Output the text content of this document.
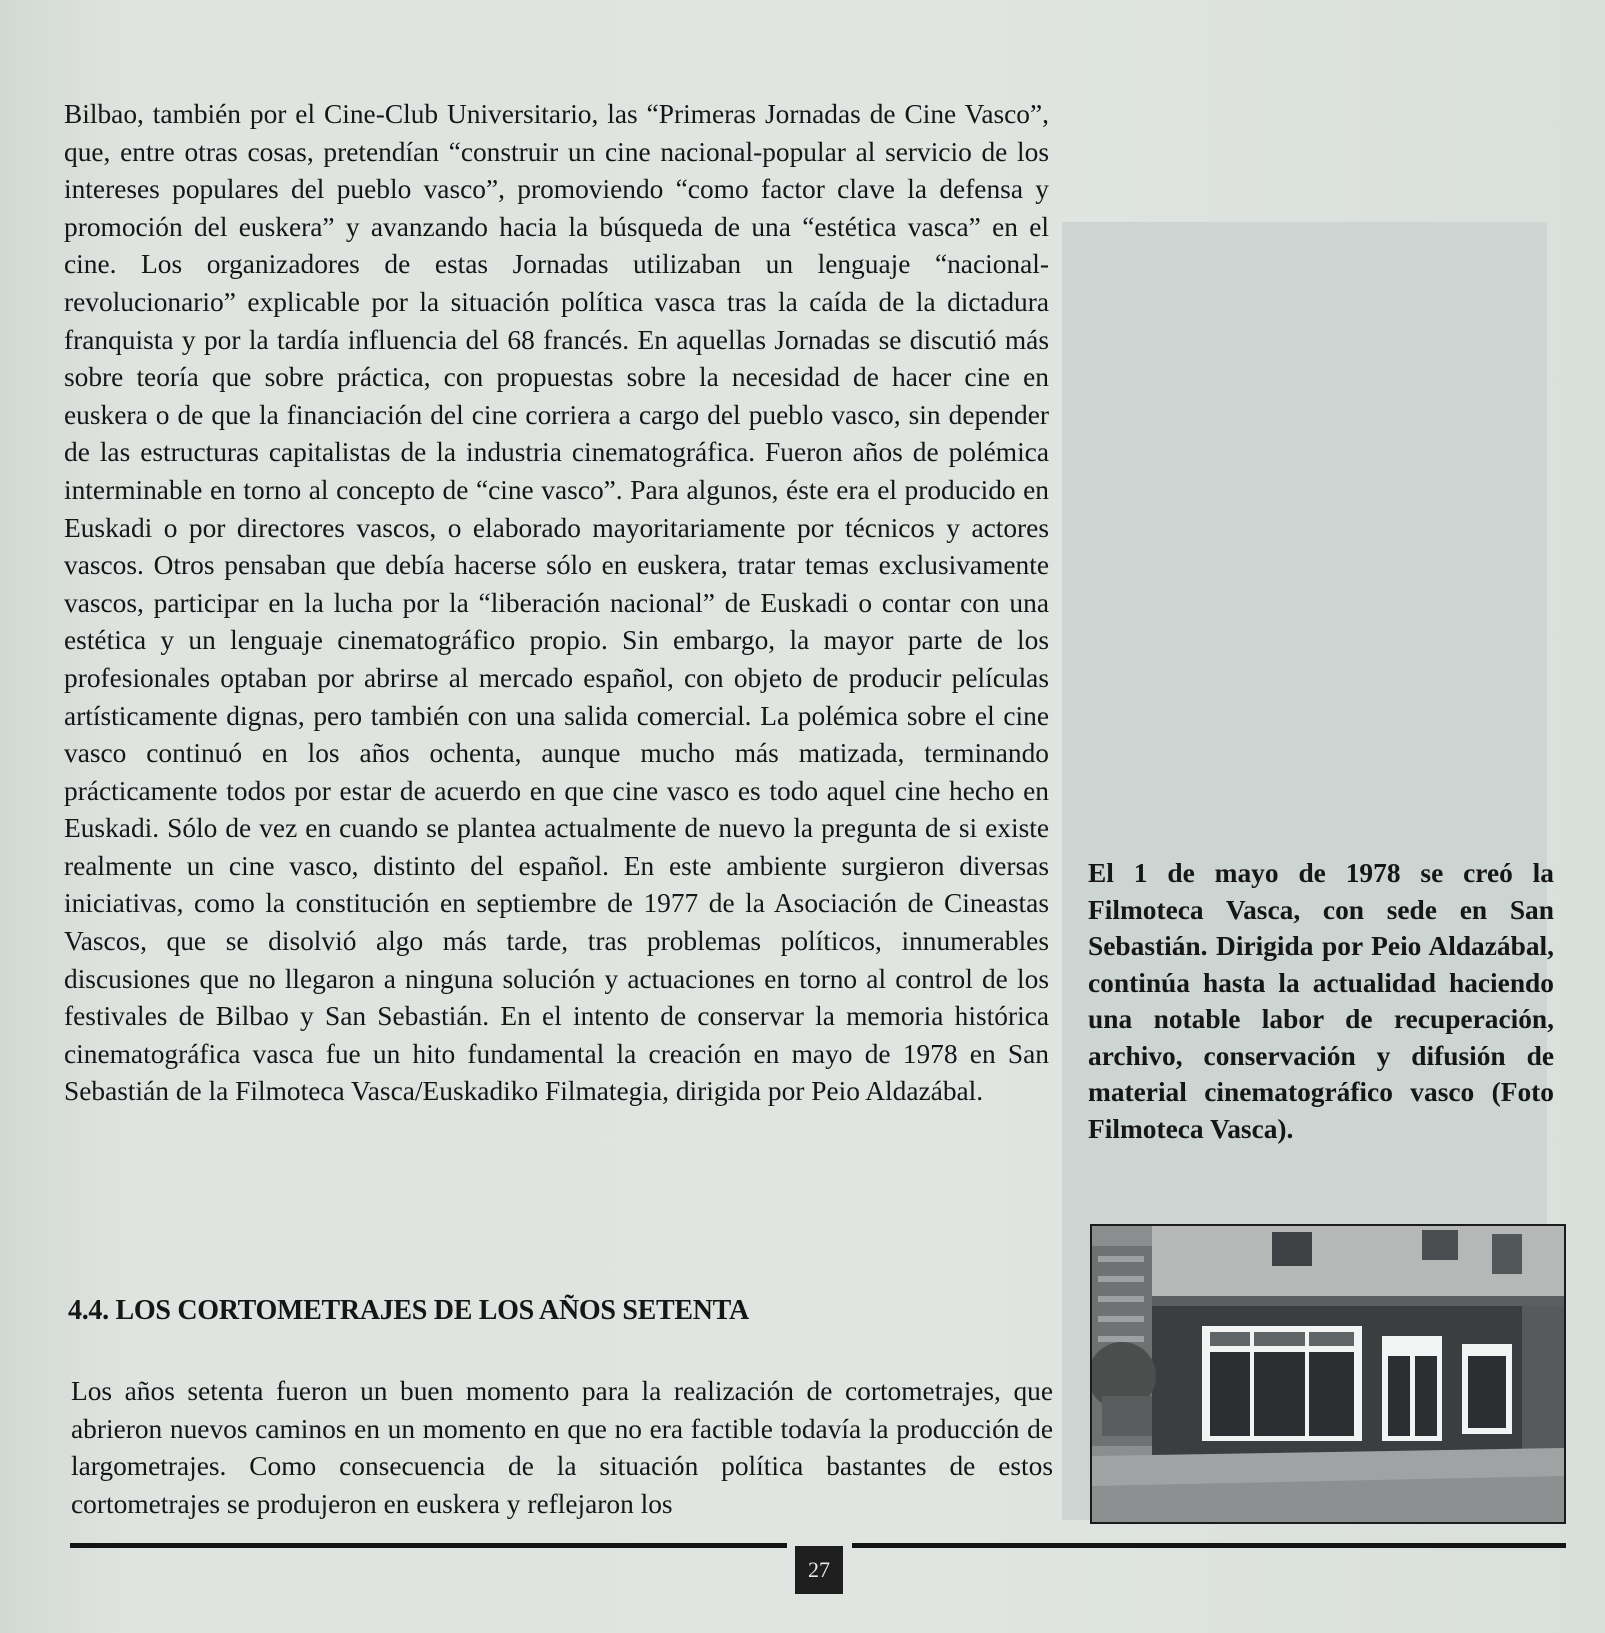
Bilbao, también por el Cine-Club Universitario, las “Primeras Jornadas de Cine Vasco”, que, entre otras cosas, pretendían “construir un cine nacional-popular al servicio de los intereses populares del pueblo vasco”, promoviendo “como factor clave la defensa y promoción del euskera” y avanzando hacia la búsqueda de una “estética vasca” en el cine. Los organizadores de estas Jornadas utilizaban un lenguaje “nacional-revolucionario” explicable por la situación política vasca tras la caída de la dictadura franquista y por la tardía influencia del 68 francés. En aquellas Jornadas se discutió más sobre teoría que sobre práctica, con propuestas sobre la necesidad de hacer cine en euskera o de que la financiación del cine corriera a cargo del pueblo vasco, sin depender de las estructuras capitalistas de la industria cinematográfica. Fueron años de polémica interminable en torno al concepto de “cine vasco”. Para algunos, éste era el producido en Euskadi o por directores vascos, o elaborado mayoritariamente por técnicos y actores vascos. Otros pensaban que debía hacerse sólo en euskera, tratar temas exclusivamente vascos, participar en la lucha por la “liberación nacional” de Euskadi o contar con una estética y un lenguaje cinematográfico propio. Sin embargo, la mayor parte de los profesionales optaban por abrirse al mercado español, con objeto de producir películas artísticamente dignas, pero también con una salida comercial. La polémica sobre el cine vasco continuó en los años ochenta, aunque mucho más matizada, terminando prácticamente todos por estar de acuerdo en que cine vasco es todo aquel cine hecho en Euskadi. Sólo de vez en cuando se plantea actualmente de nuevo la pregunta de si existe realmente un cine vasco, distinto del español. En este ambiente surgieron diversas iniciativas, como la constitución en septiembre de 1977 de la Asociación de Cineastas Vascos, que se disolvió algo más tarde, tras problemas políticos, innumerables discusiones que no llegaron a ninguna solución y actuaciones en torno al control de los festivales de Bilbao y San Sebastián. En el intento de conservar la memoria histórica cinematográfica vasca fue un hito fundamental la creación en mayo de 1978 en San Sebastián de la Filmoteca Vasca/Euskadiko Filmategia, dirigida por Peio Aldazábal.

4.4. LOS CORTOMETRAJES DE LOS AÑOS SETENTA

Los años setenta fueron un buen momento para la realización de cortometrajes, que abrieron nuevos caminos en un momento en que no era factible todavía la producción de largometrajes. Como consecuencia de la situación política bastantes de estos cortometrajes se produjeron en euskera y reflejaron los

El 1 de mayo de 1978 se creó la Filmoteca Vasca, con sede en San Sebastián. Dirigida por Peio Aldazábal, continúa hasta la actualidad haciendo una notable labor de recuperación, archivo, conservación y difusión de material cinematográfico vasco (Foto Filmoteca Vasca).

27
